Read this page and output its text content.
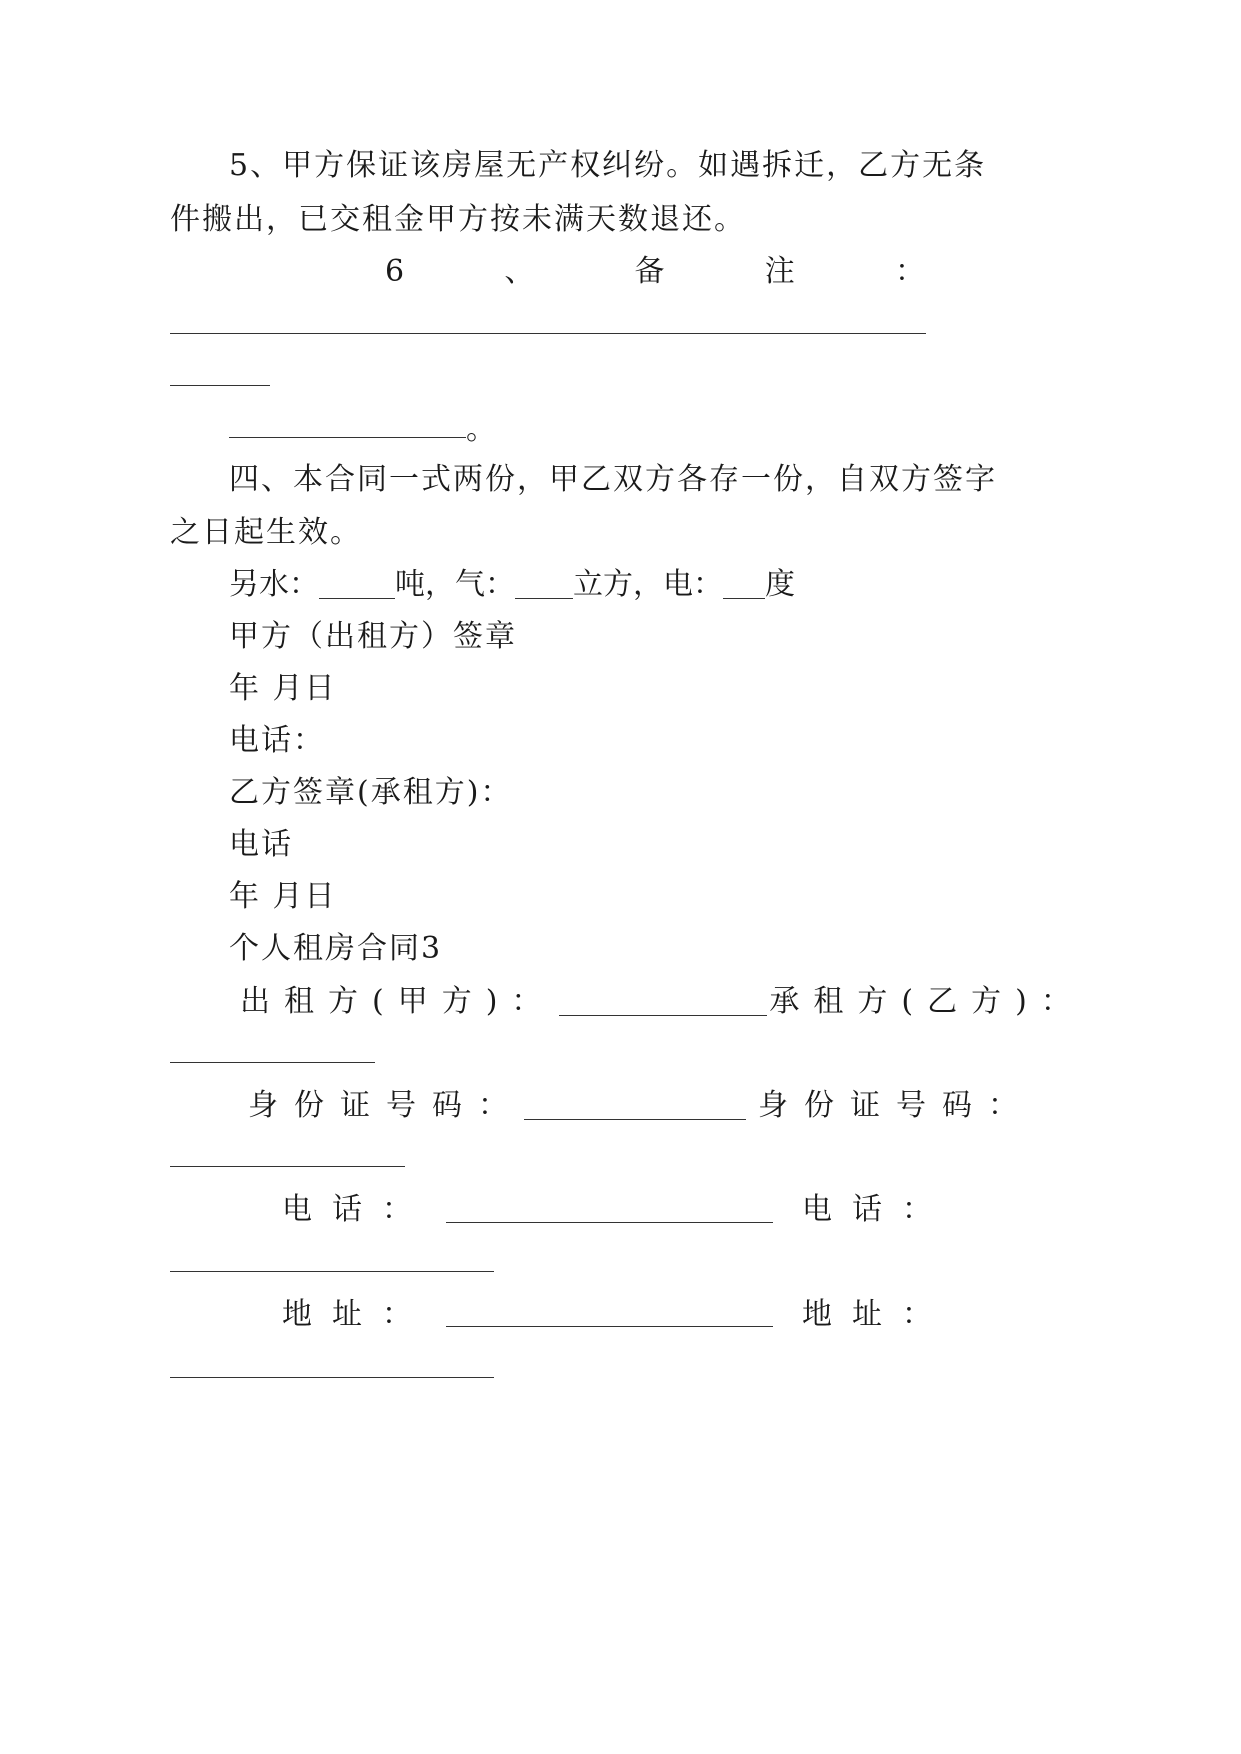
5、甲方保证该房屋无产权纠纷。如遇拆迁，乙方无条
件搬出，已交租金甲方按未满天数退还。
6	、	备	注	：
。
四、本合同一式两份，甲乙双方各存一份，自双方签字
之日起生效。
另水：	吨，气： 立方，电： 度
甲方（出租方）签章
年 月日
电话：
乙方签章(承租方)：
电话
年 月日
个人租房合同3
出租方(甲方)：	承租方(乙方)：
身份证号码：	身份证号码：
电 话 ：	电 话 ：
地 址 ：	地 址 ：
